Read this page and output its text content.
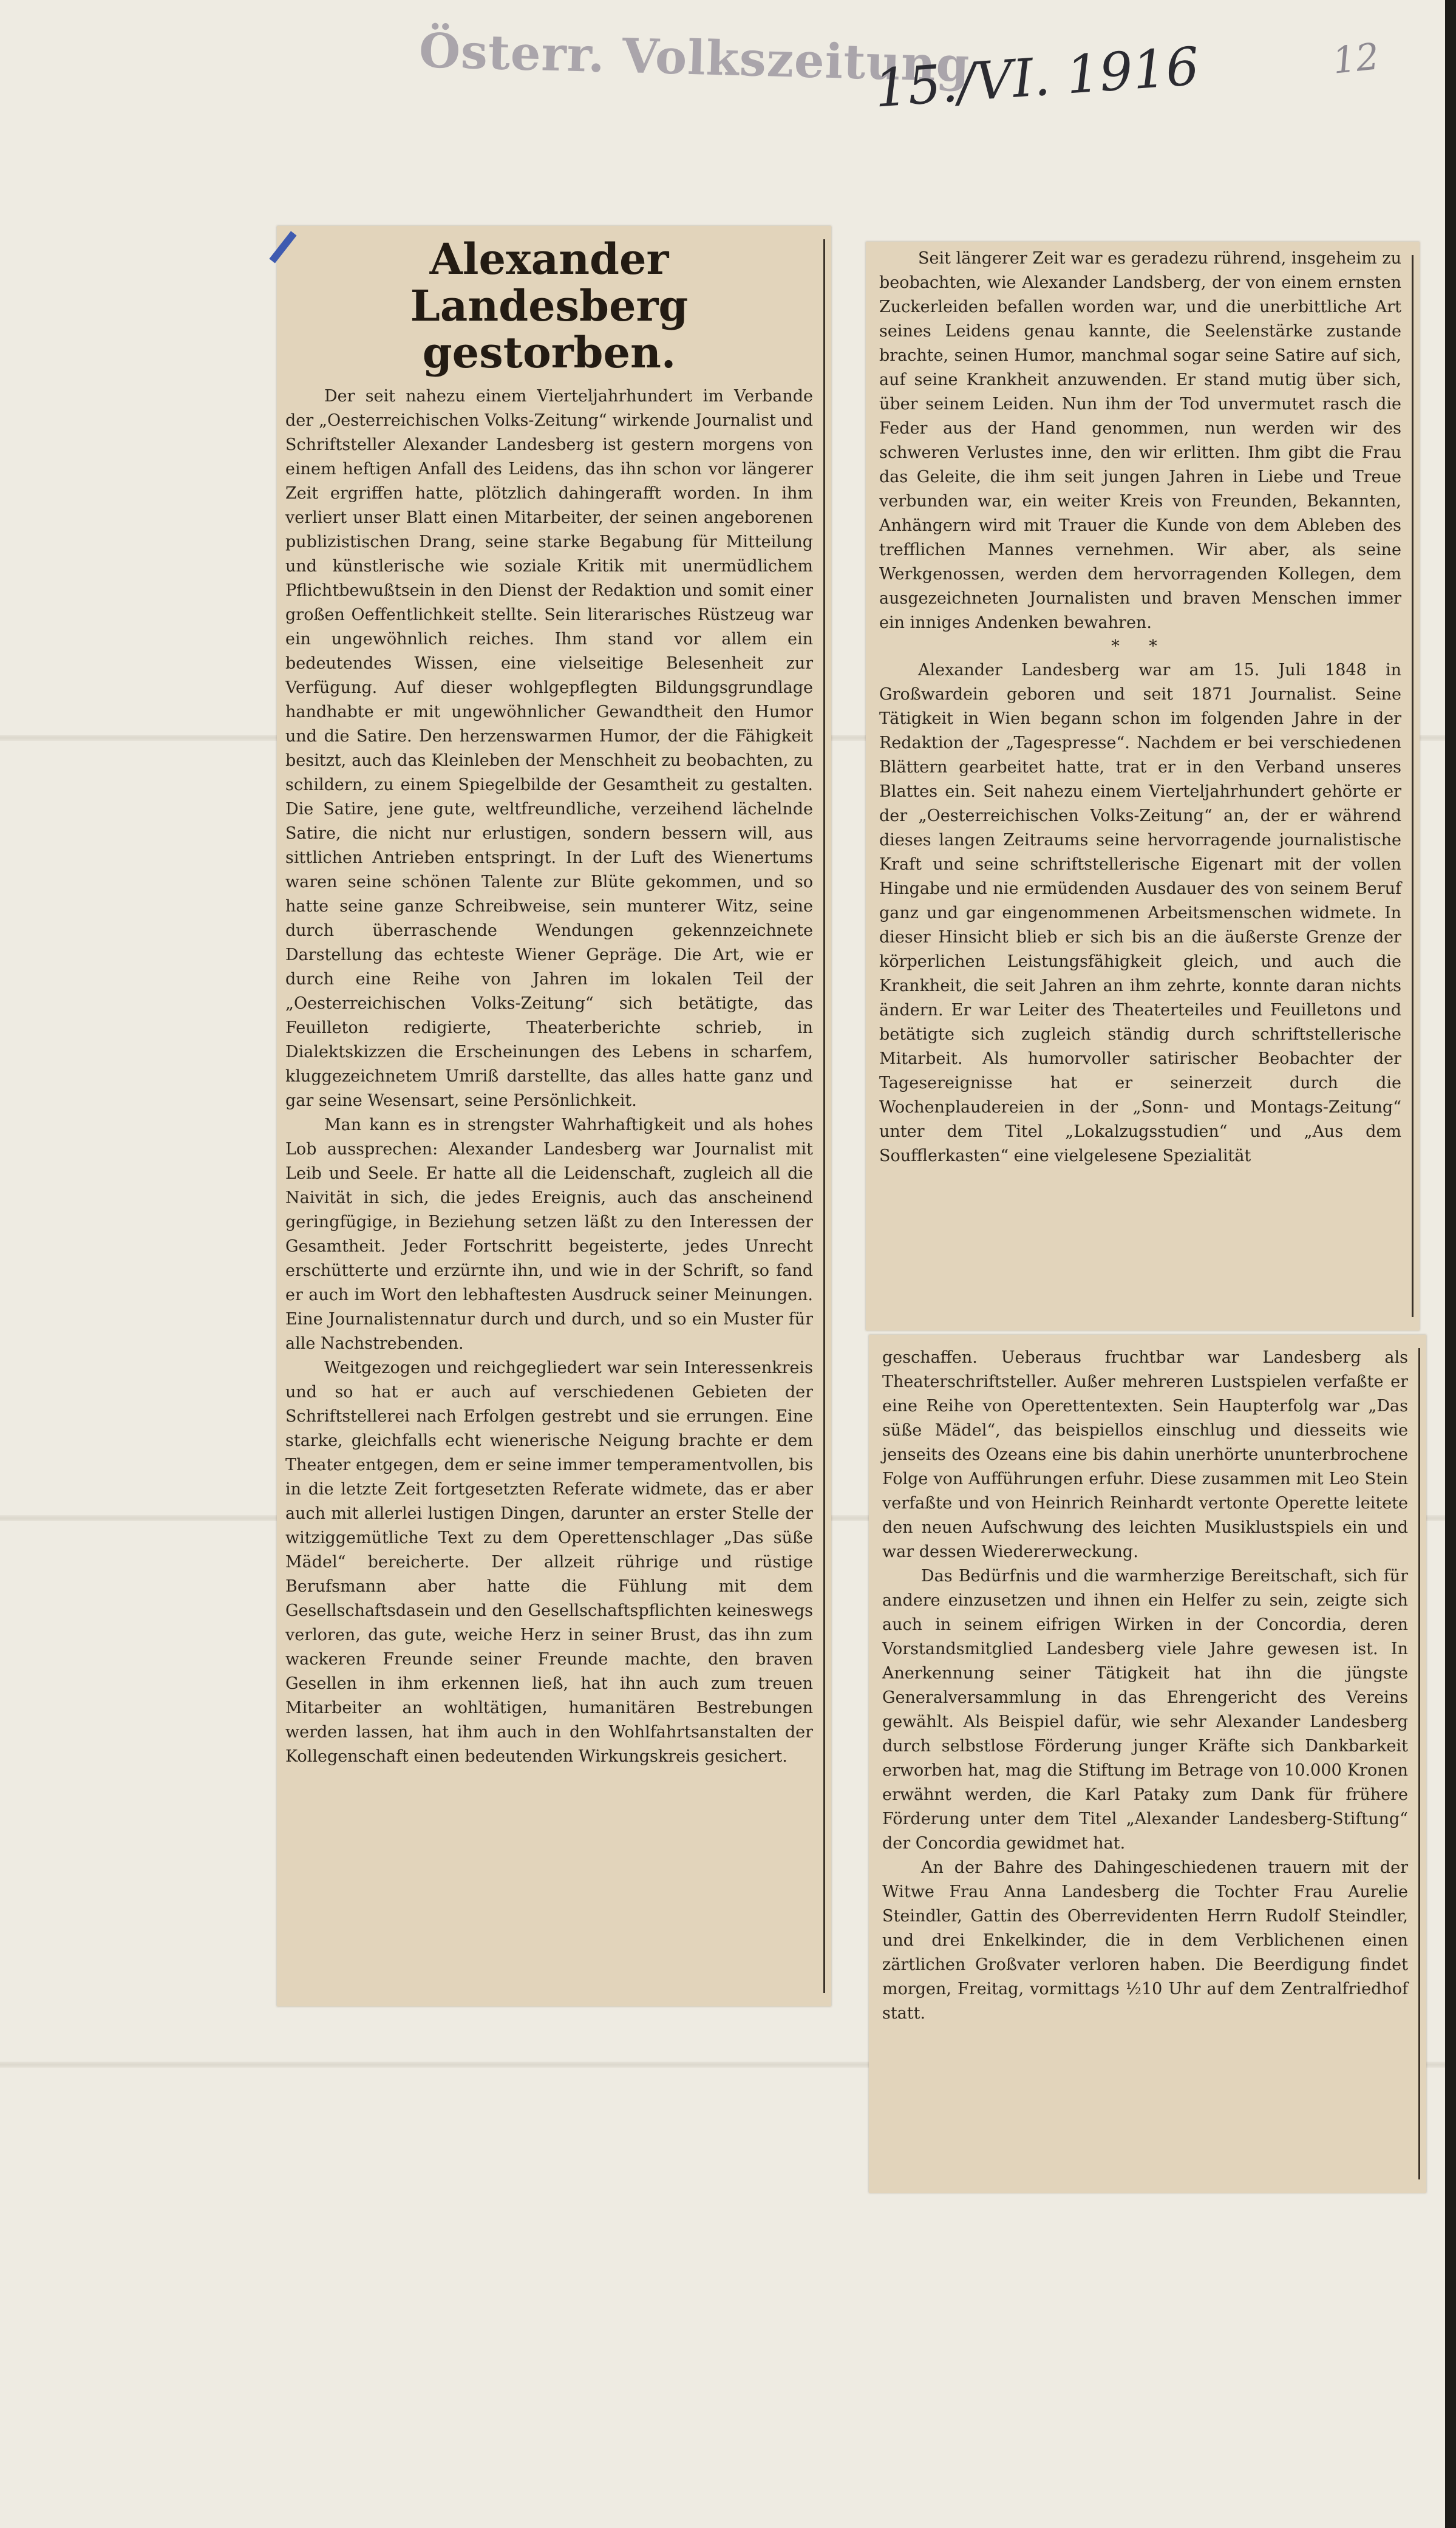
Österr. Volkszeitung
15./VI. 1916	12
Alexander Landesberg
gestorben.

Der seit nahezu einem Vierteljahrhundert im Verbande der „Oesterreichischen Volks-Zeitung“ wirkende Journalist und Schriftsteller Alexander Landesberg ist gestern morgens von einem heftigen Anfall des Leidens, das ihn schon vor längerer Zeit ergriffen hatte, plötzlich dahingerafft worden. In ihm verliert unser Blatt einen Mitarbeiter, der seinen angeborenen publizistischen Drang, seine starke Begabung für Mitteilung und künstlerische wie soziale Kritik mit unermüdlichem Pflichtbewußtsein in den Dienst der Redaktion und somit einer großen Oeffentlichkeit stellte. Sein literarisches Rüstzeug war ein ungewöhnlich reiches. Ihm stand vor allem ein bedeutendes Wissen, eine vielseitige Belesenheit zur Verfügung. Auf dieser wohlgepflegten Bildungsgrundlage handhabte er mit ungewöhnlicher Gewandtheit den Humor und die Satire. Den herzenswarmen Humor, der die Fähigkeit besitzt, auch das Kleinleben der Menschheit zu beobachten, zu schildern, zu einem Spiegelbilde der Gesamtheit zu gestalten. Die Satire, jene gute, weltfreundliche, verzeihend lächelnde Satire, die nicht nur erlustigen, sondern bessern will, aus sittlichen Antrieben entspringt. In der Luft des Wienertums waren seine schönen Talente zur Blüte gekommen, und so hatte seine ganze Schreibweise, sein munterer Witz, seine durch überraschende Wendungen gekennzeichnete Darstellung das echteste Wiener Gepräge. Die Art, wie er durch eine Reihe von Jahren im lokalen Teil der „Oesterreichischen Volks-Zeitung“ sich betätigte, das Feuilleton redigierte, Theaterberichte schrieb, in Dialektskizzen die Erscheinungen des Lebens in scharfem, kluggezeichnetem Umriß darstellte, das alles hatte ganz und gar seine Wesensart, seine Persönlichkeit.

Man kann es in strengster Wahrhaftigkeit und als hohes Lob aussprechen: Alexander Landesberg war Journalist mit Leib und Seele. Er hatte all die Leidenschaft, zugleich all die Naivität in sich, die jedes Ereignis, auch das anscheinend geringfügige, in Beziehung setzen läßt zu den Interessen der Gesamtheit. Jeder Fortschritt begeisterte, jedes Unrecht erschütterte und erzürnte ihn, und wie in der Schrift, so fand er auch im Wort den lebhaftesten Ausdruck seiner Meinungen. Eine Journalistennatur durch und durch, und so ein Muster für alle Nachstrebenden.

Weitgezogen und reichgegliedert war sein Interessenkreis und so hat er auch auf verschiedenen Gebieten der Schriftstellerei nach Erfolgen gestrebt und sie errungen. Eine starke, gleichfalls echt wienerische Neigung brachte er dem Theater entgegen, dem er seine immer temperamentvollen, bis in die letzte Zeit fortgesetzten Referate widmete, das er aber auch mit allerlei lustigen Dingen, darunter an erster Stelle der witziggemütliche Text zu dem Operettenschlager „Das süße Mädel“ bereicherte. Der allzeit rührige und rüstige Berufsmann aber hatte die Fühlung mit dem Gesellschaftsdasein und den Gesellschaftspflichten keineswegs verloren, das gute, weiche Herz in seiner Brust, das ihn zum wackeren Freunde seiner Freunde machte, den braven Gesellen in ihm erkennen ließ, hat ihn auch zum treuen Mitarbeiter an wohltätigen, humanitären Bestrebungen werden lassen, hat ihm auch in den Wohlfahrtsanstalten der Kollegenschaft einen bedeutenden Wirkungskreis gesichert.

Seit längerer Zeit war es geradezu rührend, insgeheim zu beobachten, wie Alexander Landsberg, der von einem ernsten Zuckerleiden befallen worden war, und die unerbittliche Art seines Leidens genau kannte, die Seelenstärke zustande brachte, seinen Humor, manchmal sogar seine Satire auf sich, auf seine Krankheit anzuwenden. Er stand mutig über sich, über seinem Leiden. Nun ihm der Tod unvermutet rasch die Feder aus der Hand genommen, nun werden wir des schweren Verlustes inne, den wir erlitten. Ihm gibt die Frau das Geleite, die ihm seit jungen Jahren in Liebe und Treue verbunden war, ein weiter Kreis von Freunden, Bekannten, Anhängern wird mit Trauer die Kunde von dem Ableben des trefflichen Mannes vernehmen. Wir aber, als seine Werkgenossen, werden dem hervorragenden Kollegen, dem ausgezeichneten Journalisten und braven Menschen immer ein inniges Andenken bewahren.

* *

Alexander Landesberg war am 15. Juli 1848 in Großwardein geboren und seit 1871 Journalist. Seine Tätigkeit in Wien begann schon im folgenden Jahre in der Redaktion der „Tagespresse“. Nachdem er bei verschiedenen Blättern gearbeitet hatte, trat er in den Verband unseres Blattes ein. Seit nahezu einem Vierteljahrhundert gehörte er der „Oesterreichischen Volks-Zeitung“ an, der er während dieses langen Zeitraums seine hervorragende journalistische Kraft und seine schriftstellerische Eigenart mit der vollen Hingabe und nie ermüdenden Ausdauer des von seinem Beruf ganz und gar eingenommenen Arbeitsmenschen widmete. In dieser Hinsicht blieb er sich bis an die äußerste Grenze der körperlichen Leistungsfähigkeit gleich, und auch die Krankheit, die seit Jahren an ihm zehrte, konnte daran nichts ändern. Er war Leiter des Theaterteiles und Feuilletons und betätigte sich zugleich ständig durch schriftstellerische Mitarbeit. Als humorvoller satirischer Beobachter der Tagesereignisse hat er seinerzeit durch die Wochenplaudereien in der „Sonn- und Montags-Zeitung“ unter dem Titel „Lokalzugsstudien“ und „Aus dem Soufflerkasten“ eine vielgelesene Spezialität

geschaffen. Ueberaus fruchtbar war Landesberg als Theaterschriftsteller. Außer mehreren Lustspielen verfaßte er eine Reihe von Operettentexten. Sein Haupterfolg war „Das süße Mädel“, das beispiellos einschlug und diesseits wie jenseits des Ozeans eine bis dahin unerhörte ununterbrochene Folge von Aufführungen erfuhr. Diese zusammen mit Leo Stein verfaßte und von Heinrich Reinhardt vertonte Operette leitete den neuen Aufschwung des leichten Musiklustspiels ein und war dessen Wiedererweckung.

Das Bedürfnis und die warmherzige Bereitschaft, sich für andere einzusetzen und ihnen ein Helfer zu sein, zeigte sich auch in seinem eifrigen Wirken in der Concordia, deren Vorstandsmitglied Landesberg viele Jahre gewesen ist. In Anerkennung seiner Tätigkeit hat ihn die jüngste Generalversammlung in das Ehrengericht des Vereins gewählt. Als Beispiel dafür, wie sehr Alexander Landesberg durch selbstlose Förderung junger Kräfte sich Dankbarkeit erworben hat, mag die Stiftung im Betrage von 10.000 Kronen erwähnt werden, die Karl Pataky zum Dank für frühere Förderung unter dem Titel „Alexander Landesberg-Stiftung“ der Concordia gewidmet hat.

An der Bahre des Dahingeschiedenen trauern mit der Witwe Frau Anna Landesberg die Tochter Frau Aurelie Steindler, Gattin des Oberrevidenten Herrn Rudolf Steindler, und drei Enkelkinder, die in dem Verblichenen einen zärtlichen Großvater verloren haben. Die Beerdigung findet morgen, Freitag, vormittags ½10 Uhr auf dem Zentralfriedhof statt.
